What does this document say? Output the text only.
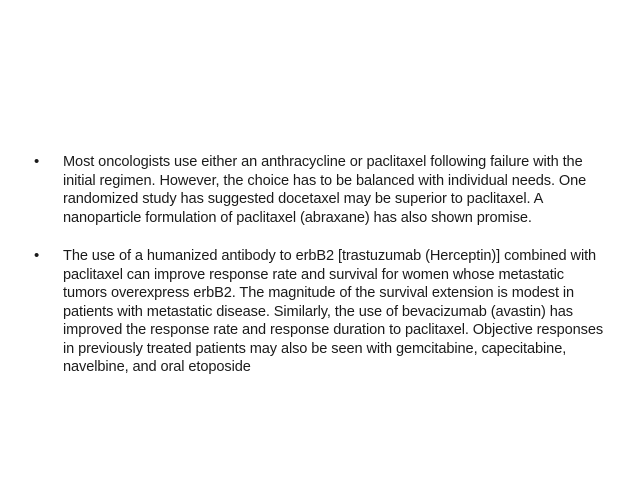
•	Most oncologists use either an anthracycline or paclitaxel following failure with the initial regimen. However, the choice has to be balanced with individual needs. One randomized study has suggested docetaxel may be superior to paclitaxel. A nanoparticle formulation of paclitaxel (abraxane) has also shown promise.
•	The use of a humanized antibody to erbB2 [trastuzumab (Herceptin)] combined with paclitaxel can improve response rate and survival for women whose metastatic tumors overexpress erbB2. The magnitude of the survival extension is modest in patients with metastatic disease. Similarly, the use of bevacizumab (avastin) has improved the response rate and response duration to paclitaxel. Objective responses in previously treated patients may also be seen with gemcitabine, capecitabine, navelbine, and oral etoposide
